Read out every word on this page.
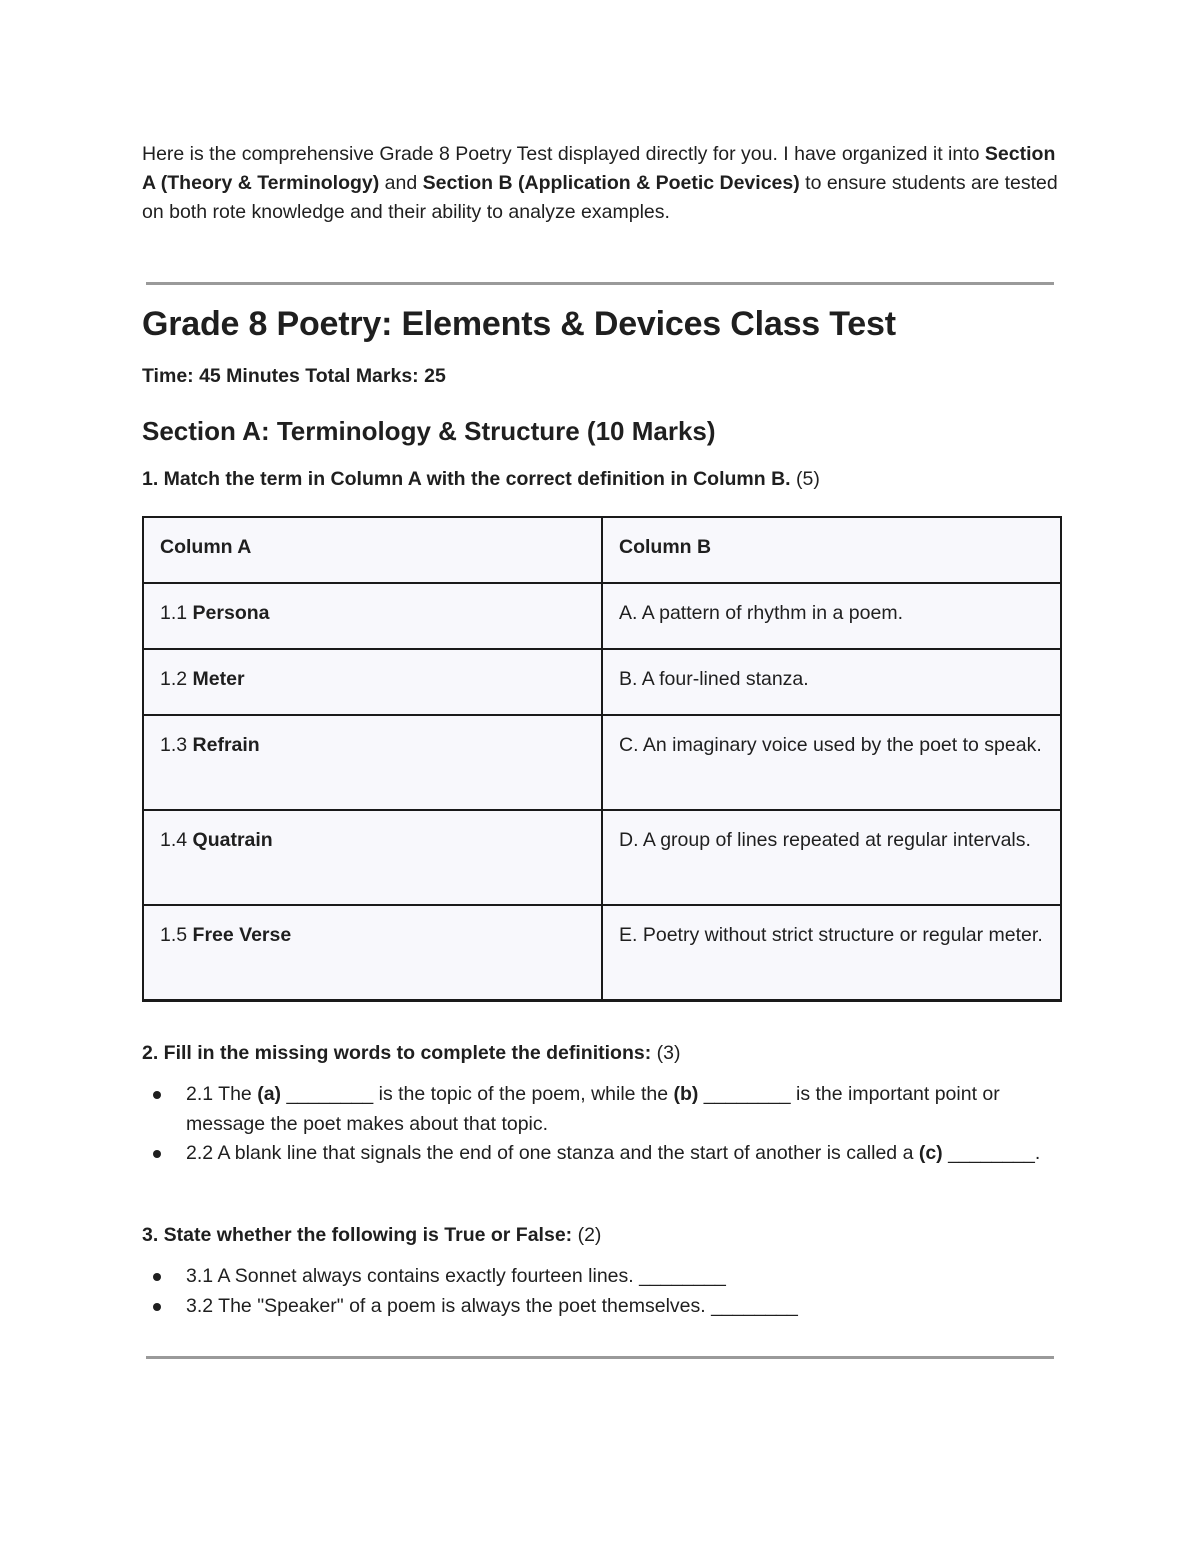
Here is the comprehensive Grade 8 Poetry Test displayed directly for you. I have organized it into Section A (Theory & Terminology) and Section B (Application & Poetic Devices) to ensure students are tested on both rote knowledge and their ability to analyze examples.

Grade 8 Poetry: Elements & Devices Class Test

Time: 45 Minutes Total Marks: 25

Section A: Terminology & Structure (10 Marks)

1. Match the term in Column A with the correct definition in Column B. (5)

Column A	Column B
1.1 Persona	A. A pattern of rhythm in a poem.
1.2 Meter	B. A four-lined stanza.
1.3 Refrain	C. An imaginary voice used by the poet to speak.
1.4 Quatrain	D. A group of lines repeated at regular intervals.
1.5 Free Verse	E. Poetry without strict structure or regular meter.

2. Fill in the missing words to complete the definitions: (3)

2.1 The (a) ________ is the topic of the poem, while the (b) ________ is the important point or message the poet makes about that topic.
2.2 A blank line that signals the end of one stanza and the start of another is called a (c) ________.

3. State whether the following is True or False: (2)

3.1 A Sonnet always contains exactly fourteen lines. ________
3.2 The "Speaker" of a poem is always the poet themselves. ________
